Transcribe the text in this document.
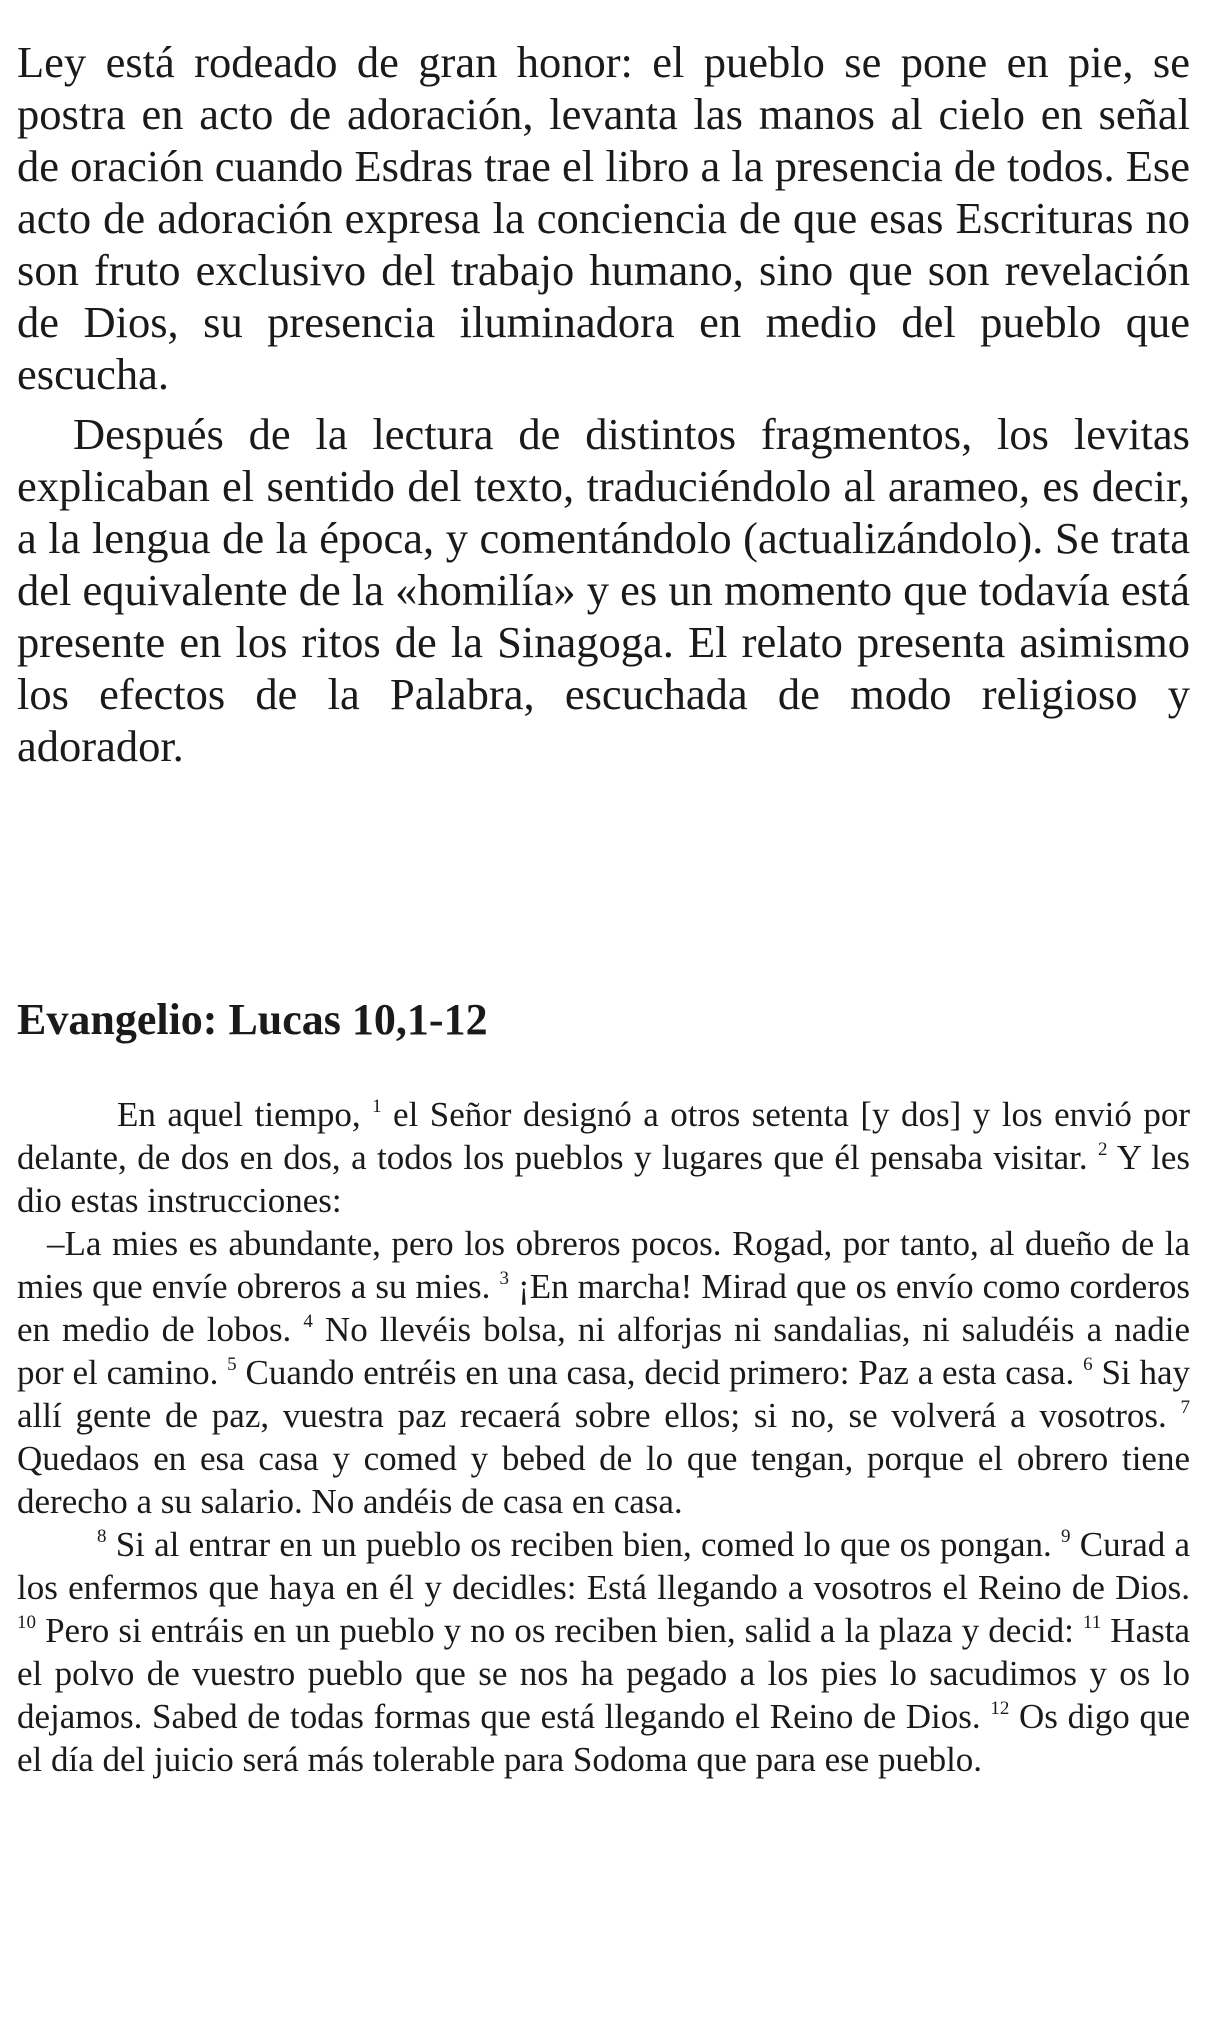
Ley está rodeado de gran honor: el pueblo se pone en pie, se postra en acto de adoración, levanta las manos al cielo en señal de oración cuando Esdras trae el libro a la presencia de todos. Ese acto de adoración expresa la conciencia de que esas Escrituras no son fruto exclusivo del trabajo humano, sino que son revelación de Dios, su presencia iluminadora en medio del pueblo que escucha.

Después de la lectura de distintos fragmentos, los levitas explicaban el sentido del texto, traduciéndolo al arameo, es decir, a la lengua de la época, y comentándolo (actualizándolo). Se trata del equivalente de la «homilía» y es un momento que todavía está presente en los ritos de la Sinagoga. El relato presenta asimismo los efectos de la Palabra, escuchada de modo religioso y adorador.

Evangelio: Lucas 10,1-12

En aquel tiempo, $^1$ el Señor designó a otros setenta [y dos] y los envió por delante, de dos en dos, a todos los pueblos y lugares que él pensaba visitar. $^2$ Y les dio estas instrucciones:

–La mies es abundante, pero los obreros pocos. Rogad, por tanto, al dueño de la mies que envíe obreros a su mies. $^3$ ¡En marcha! Mirad que os envío como corderos en medio de lobos. $^4$ No llevéis bolsa, ni alforjas ni sandalias, ni saludéis a nadie por el camino. $^5$ Cuando entréis en una casa, decid primero: Paz a esta casa. $^6$ Si hay allí gente de paz, vuestra paz recaerá sobre ellos; si no, se volverá a vosotros. $^7$ Quedaos en esa casa y comed y bebed de lo que tengan, porque el obrero tiene derecho a su salario. No andéis de casa en casa.

$^8$ Si al entrar en un pueblo os reciben bien, comed lo que os pongan. $^9$ Curad a los enfermos que haya en él y decidles: Está llegando a vosotros el Reino de Dios. $^{10}$ Pero si entráis en un pueblo y no os reciben bien, salid a la plaza y decid: $^{11}$ Hasta el polvo de vuestro pueblo que se nos ha pegado a los pies lo sacudimos y os lo dejamos. Sabed de todas formas que está llegando el Reino de Dios. $^{12}$ Os digo que el día del juicio será más tolerable para Sodoma que para ese pueblo.
